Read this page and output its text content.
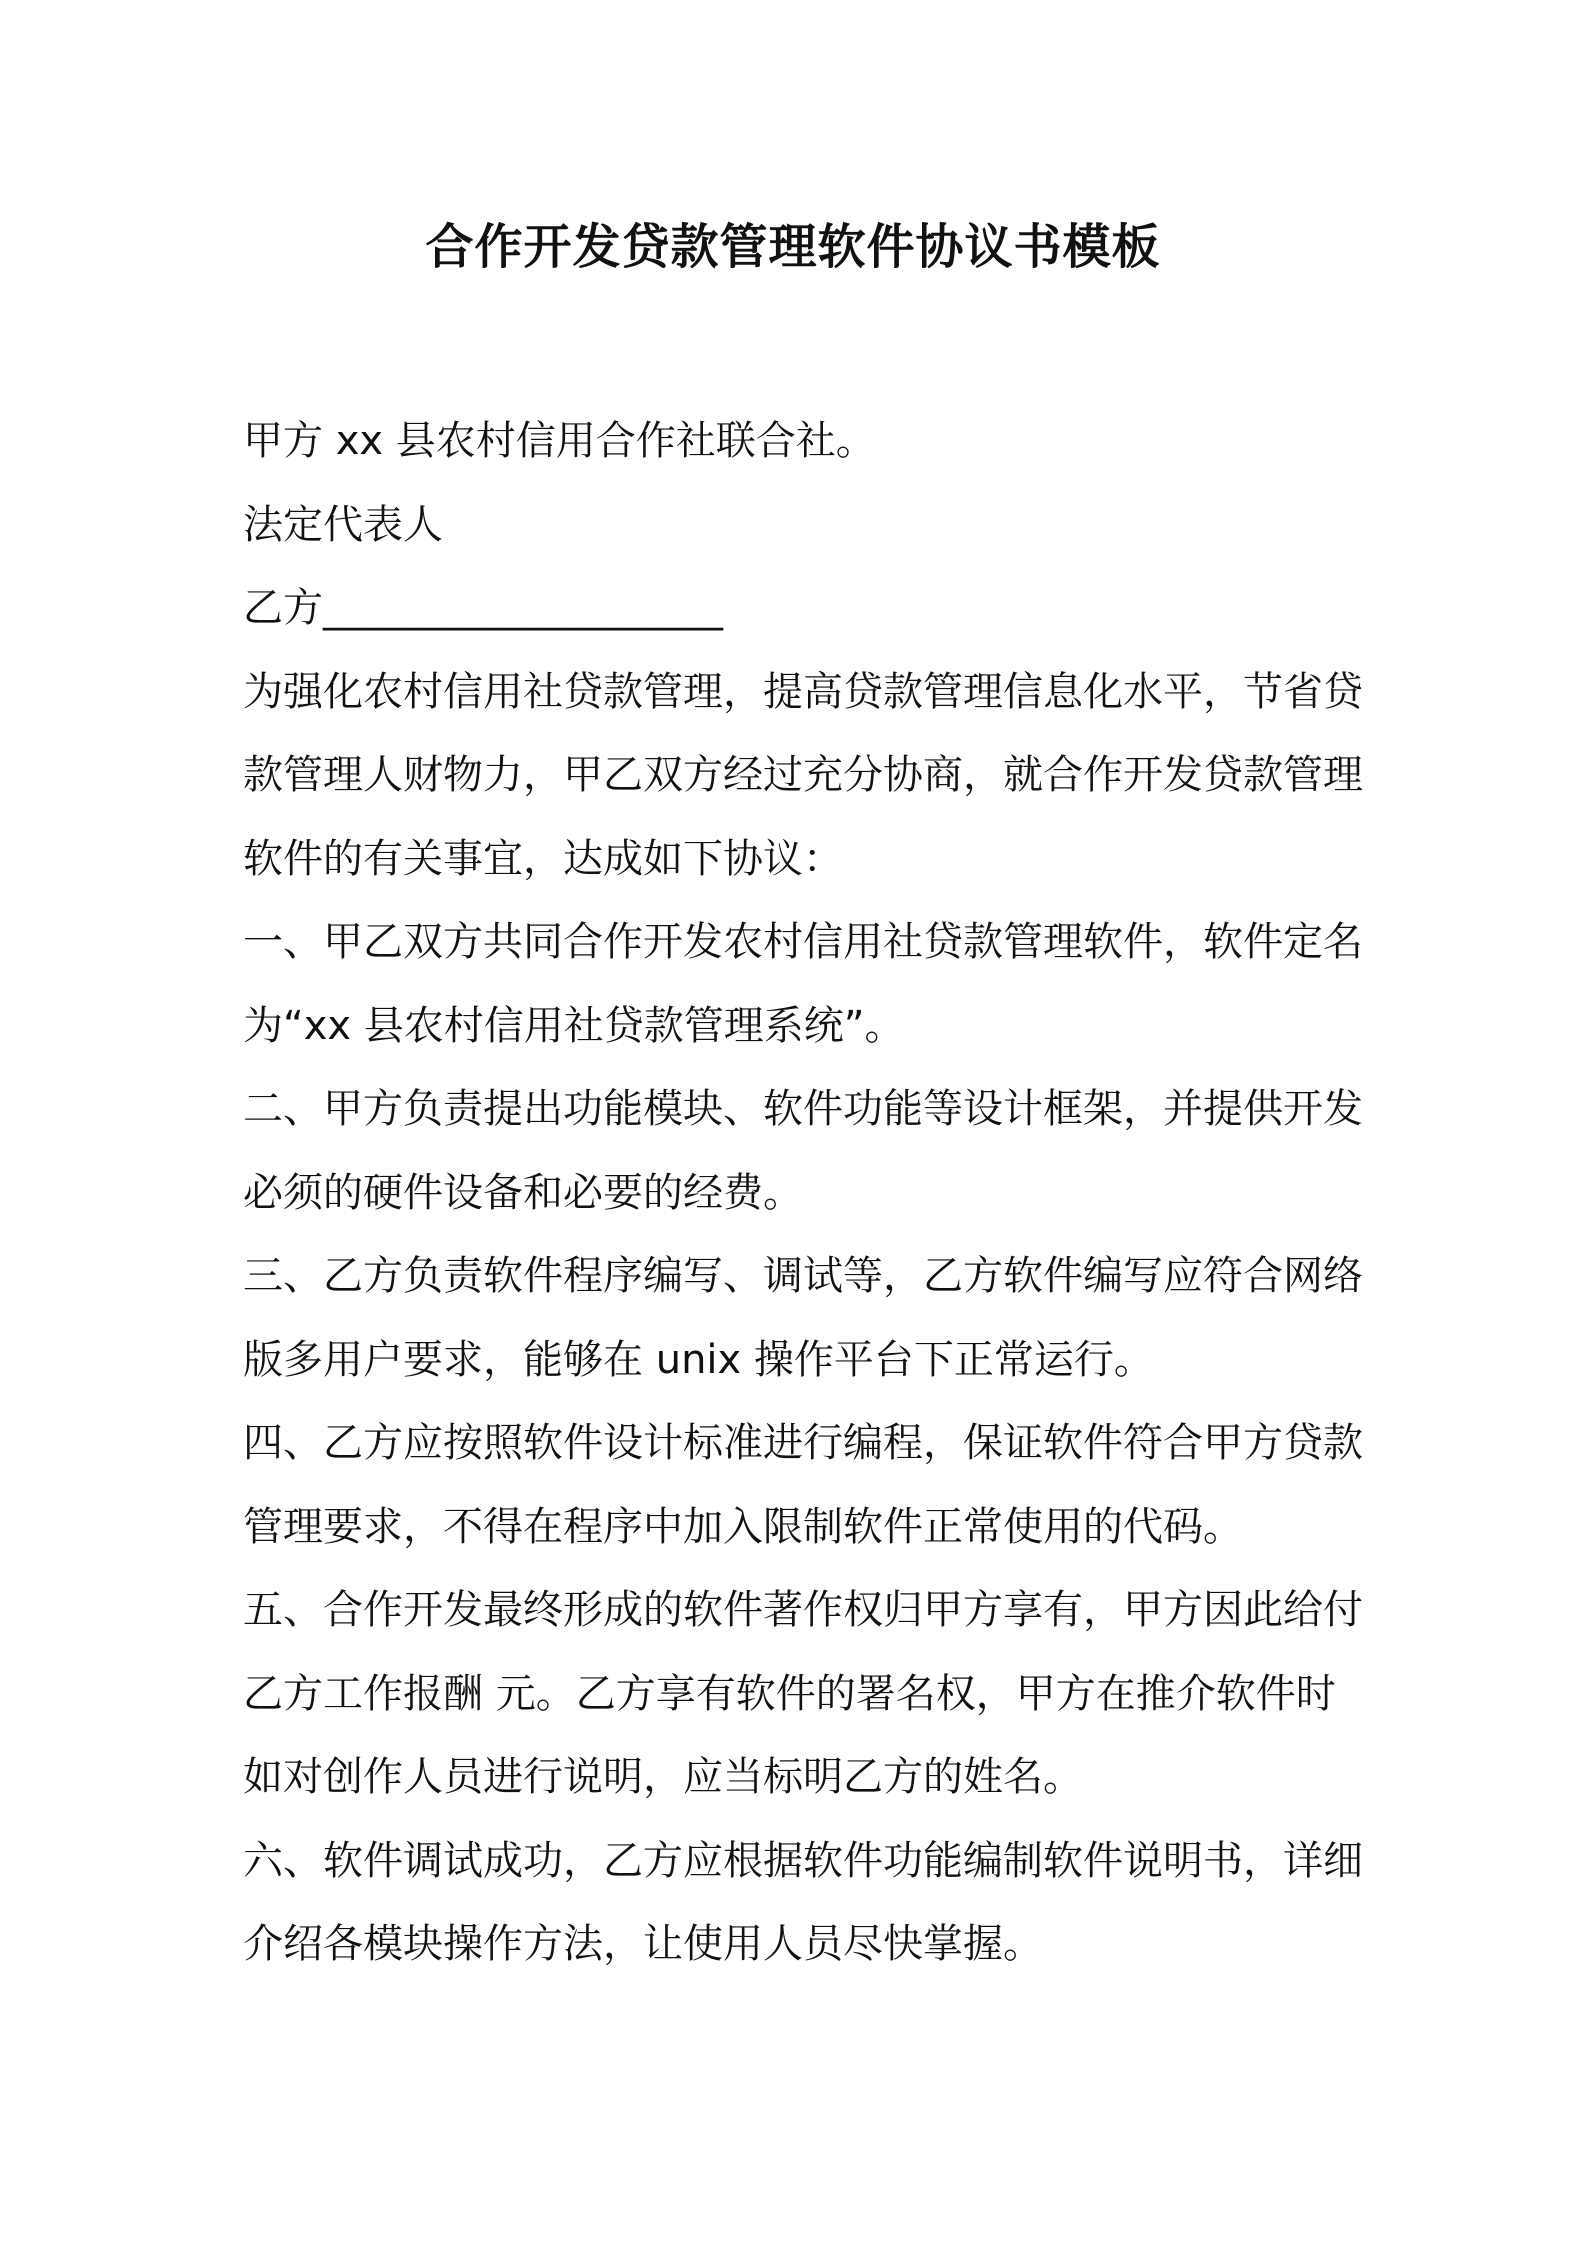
合作开发贷款管理软件协议书模板
甲方 xx 县农村信用合作社联合社。
法定代表人
乙方____________________
为强化农村信用社贷款管理，提高贷款管理信息化水平，节省贷
款管理人财物力，甲乙双方经过充分协商，就合作开发贷款管理
软件的有关事宜，达成如下协议：
一、甲乙双方共同合作开发农村信用社贷款管理软件，软件定名
为“xx 县农村信用社贷款管理系统”。
二、甲方负责提出功能模块、软件功能等设计框架，并提供开发
必须的硬件设备和必要的经费。
三、乙方负责软件程序编写、调试等，乙方软件编写应符合网络
版多用户要求，能够在 unix 操作平台下正常运行。
四、乙方应按照软件设计标准进行编程，保证软件符合甲方贷款
管理要求，不得在程序中加入限制软件正常使用的代码。
五、合作开发最终形成的软件著作权归甲方享有，甲方因此给付
乙方工作报酬 元。乙方享有软件的署名权，甲方在推介软件时
如对创作人员进行说明，应当标明乙方的姓名。
六、软件调试成功，乙方应根据软件功能编制软件说明书，详细
介绍各模块操作方法，让使用人员尽快掌握。
